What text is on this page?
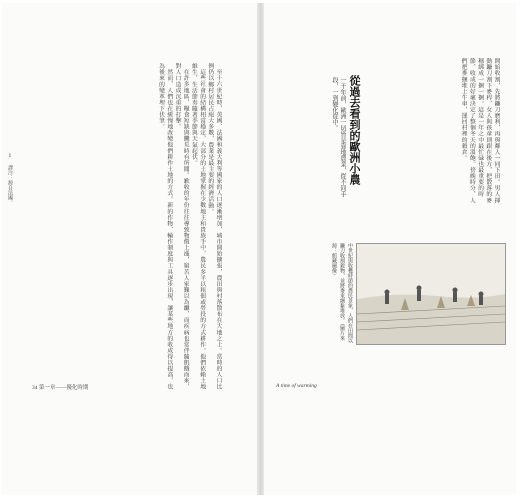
1 譯注：源自法國。	至十六世紀時，英國、法國和義大利等國家的人口逐漸增加，城市開始擴張，農田與村落散布在大地之上。當時的人口比例仍以鄉村居民占絕大多數，農業是最主要的經濟活動。

這些社會的結構相當穩定，大部分的土地掌握在少數地主和貴族手中，農民多半以租佃或勞役的方式耕作。他們依賴土地維生，生活節奏隨著季節與天氣起伏。

在許多地區，糧食短缺與饑荒時有所聞。歉收的年份往往導致物價上漲，窮苦人家難以為繼，而疾病也常伴隨飢餓而來，對人口造成沉重的打擊。

然而，人們也在緩慢地改變他們耕作土地的方式。新的作物、輪作制度與工具逐步出現，讓某些地方的收成得以提高，也為後來的變革埋下伏筆。

34 第一章——優化時期
開始收割，先將鐮刀磨利，再與鄰人一同下田。男人揮動鐮刀割下麥稈，女人與孩童則跟在後方，把散落的麥穗綁成一捆一捆。這是一年之中最忙碌也最重要的時節，收成的好壞決定了整個冬天的溫飽。傍晚時分，人們把麥捆堆上牛車，運回村裡的穀倉。
從過去看到的歐洲小農
一千年前，歐洲一切皆是靠地農業，從不同手段，一到變化從中。
中世紀與收穫時節的農民景象，人們在田間以鐮刀收割穀物，並將麥束綑紮堆放。（圖片來源：館藏圖像）
A time of warming
